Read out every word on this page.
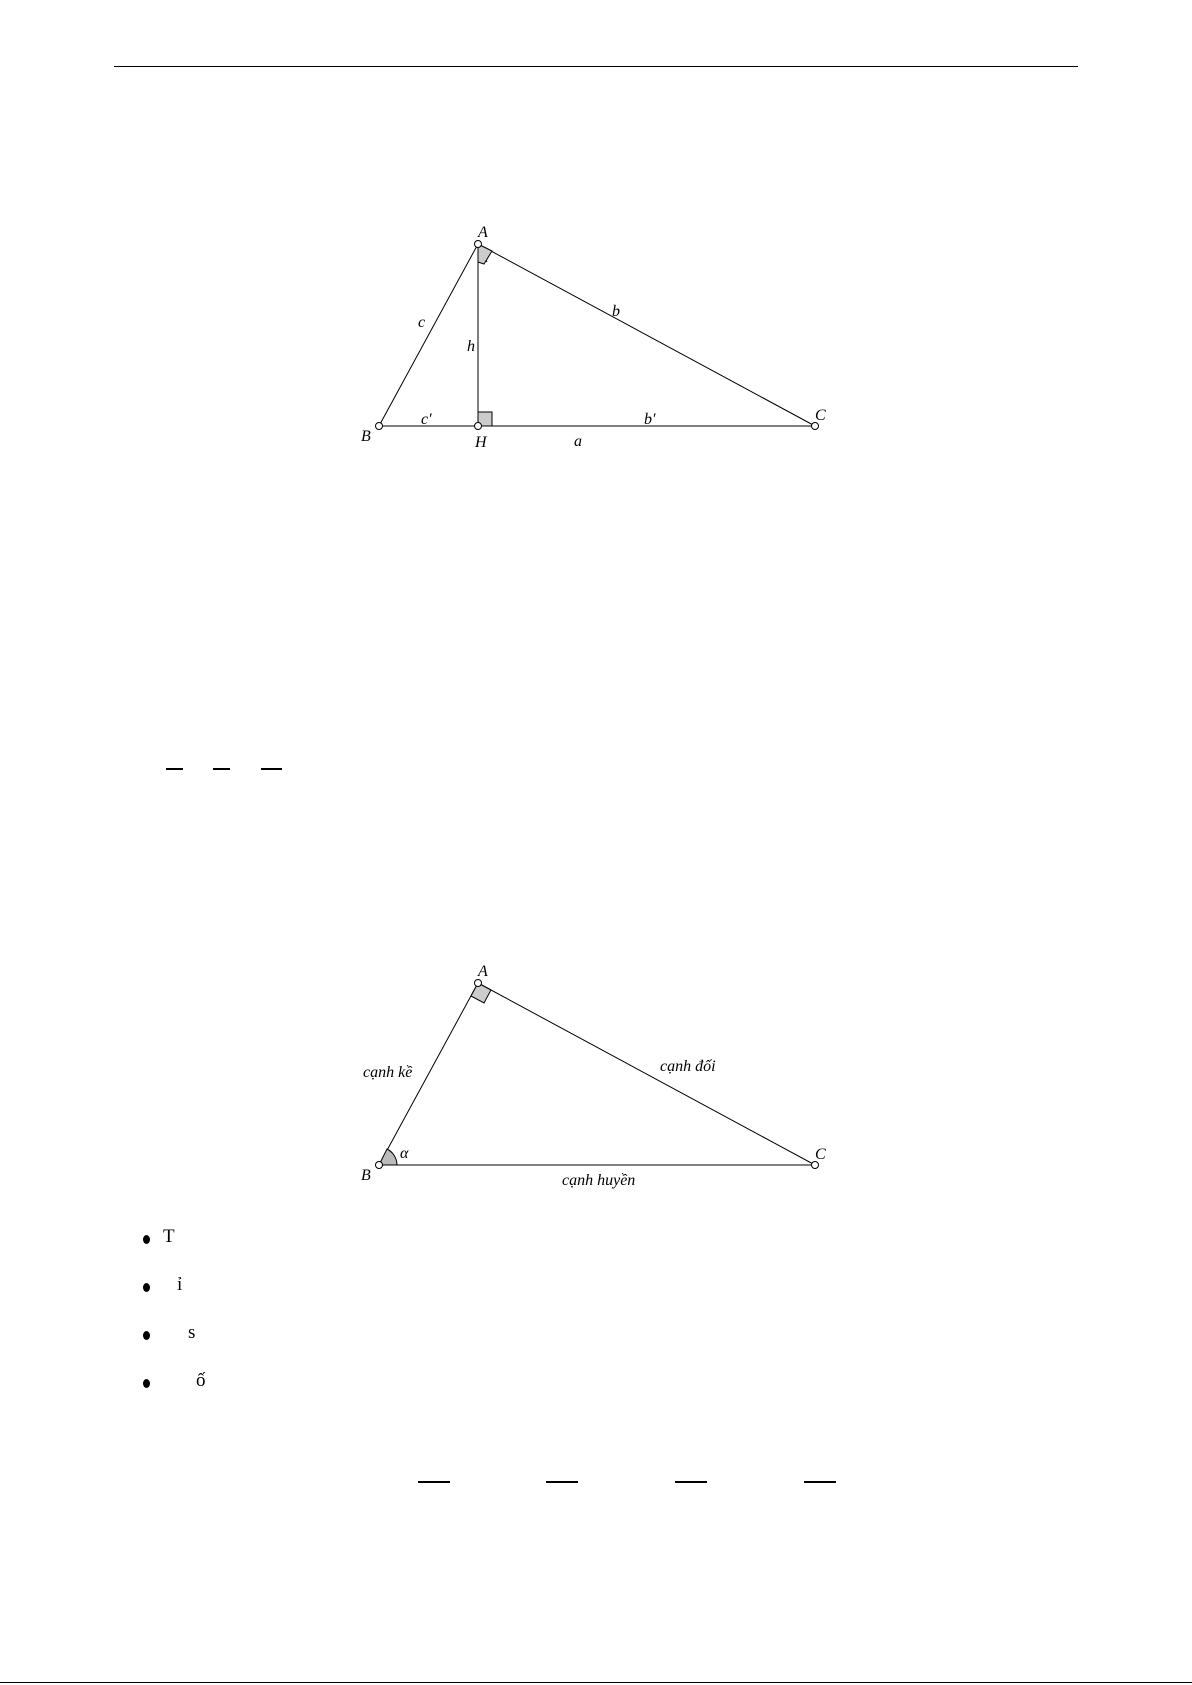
A
B	H
C
c
h
b
c′	b′
a
A
B
C
α
cạnh kề	cạnh đối
cạnh huyền
T
ỉ
s
ố
